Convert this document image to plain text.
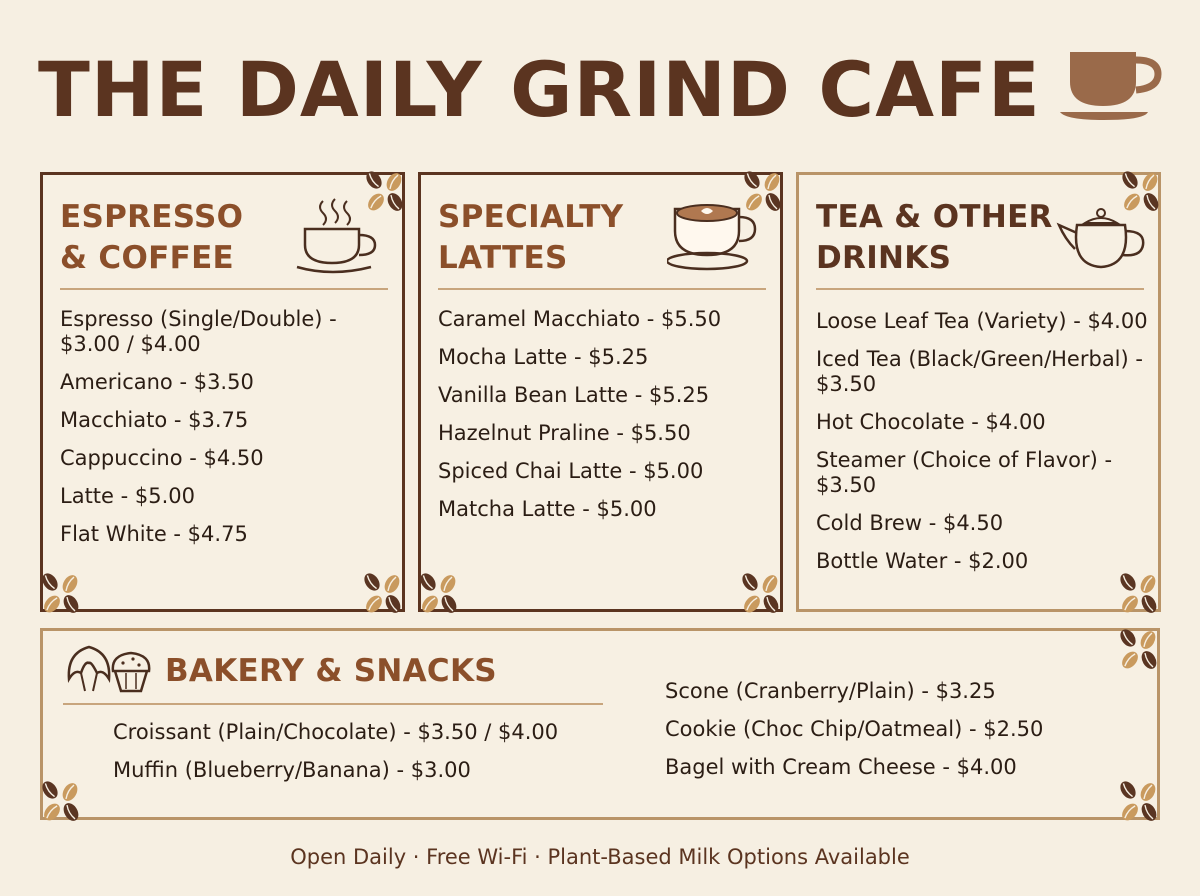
THE DAILY GRIND CAFE
ESPRESSO
& COFFEE
Espresso (Single/Double) - $3.00 / $4.00
Americano - $3.50
Macchiato - $3.75
Cappuccino - $4.50
Latte - $5.00
Flat White - $4.75
SPECIALTY
LATTES
Caramel Macchiato - $5.50
Mocha Latte - $5.25
Vanilla Bean Latte - $5.25
Hazelnut Praline - $5.50
Spiced Chai Latte - $5.00
Matcha Latte - $5.00
TEA & OTHER
DRINKS
Loose Leaf Tea (Variety) - $4.00
Iced Tea (Black/Green/Herbal) - $3.50
Hot Chocolate - $4.00
Steamer (Choice of Flavor) - $3.50
Cold Brew - $4.50
Bottle Water - $2.00
BAKERY & SNACKS
Croissant (Plain/Chocolate) - $3.50 / $4.00
Muffin (Blueberry/Banana) - $3.00
Scone (Cranberry/Plain) - $3.25
Cookie (Choc Chip/Oatmeal) - $2.50
Bagel with Cream Cheese - $4.00
Open Daily · Free Wi-Fi · Plant-Based Milk Options Available
